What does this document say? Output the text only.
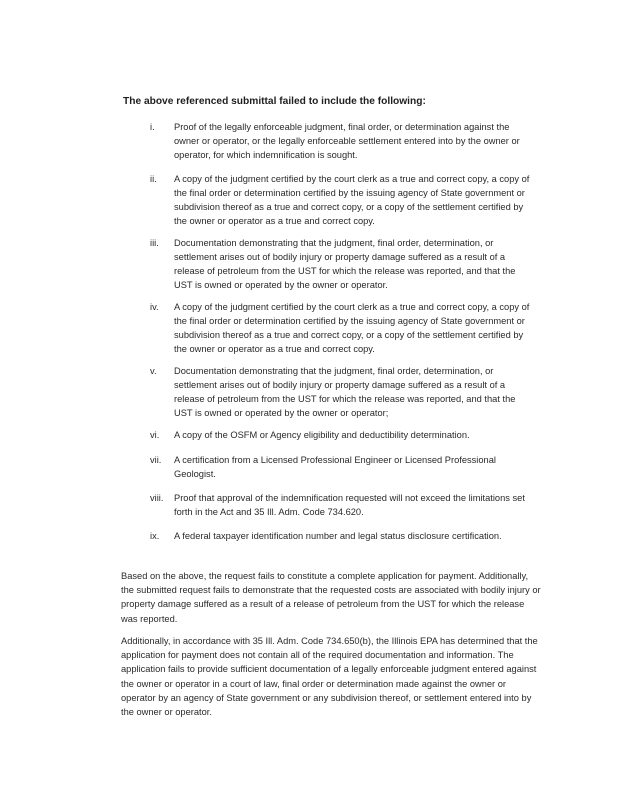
The above referenced submittal failed to include the following:

i.	Proof of the legally enforceable judgment, final order, or determination against the owner or operator, or the legally enforceable settlement entered into by the owner or operator, for which indemnification is sought.
ii.	A copy of the judgment certified by the court clerk as a true and correct copy, a copy of the final order or determination certified by the issuing agency of State government or subdivision thereof as a true and correct copy, or a copy of the settlement certified by the owner or operator as a true and correct copy.
iii.	Documentation demonstrating that the judgment, final order, determination, or settlement arises out of bodily injury or property damage suffered as a result of a release of petroleum from the UST for which the release was reported, and that the UST is owned or operated by the owner or operator.
iv.	A copy of the judgment certified by the court clerk as a true and correct copy, a copy of the final order or determination certified by the issuing agency of State government or subdivision thereof as a true and correct copy, or a copy of the settlement certified by the owner or operator as a true and correct copy.
v.	Documentation demonstrating that the judgment, final order, determination, or settlement arises out of bodily injury or property damage suffered as a result of a release of petroleum from the UST for which the release was reported, and that the UST is owned or operated by the owner or operator;
vi.	A copy of the OSFM or Agency eligibility and deductibility determination.
vii.	A certification from a Licensed Professional Engineer or Licensed Professional Geologist.
viii.	Proof that approval of the indemnification requested will not exceed the limitations set forth in the Act and 35 Ill. Adm. Code 734.620.
ix.	A federal taxpayer identification number and legal status disclosure certification.

Based on the above, the request fails to constitute a complete application for payment. Additionally, the submitted request fails to demonstrate that the requested costs are associated with bodily injury or property damage suffered as a result of a release of petroleum from the UST for which the release was reported.

Additionally, in accordance with 35 Ill. Adm. Code 734.650(b), the Illinois EPA has determined that the application for payment does not contain all of the required documentation and information. The application fails to provide sufficient documentation of a legally enforceable judgment entered against the owner or operator in a court of law, final order or determination made against the owner or operator by an agency of State government or any subdivision thereof, or settlement entered into by the owner or operator.
